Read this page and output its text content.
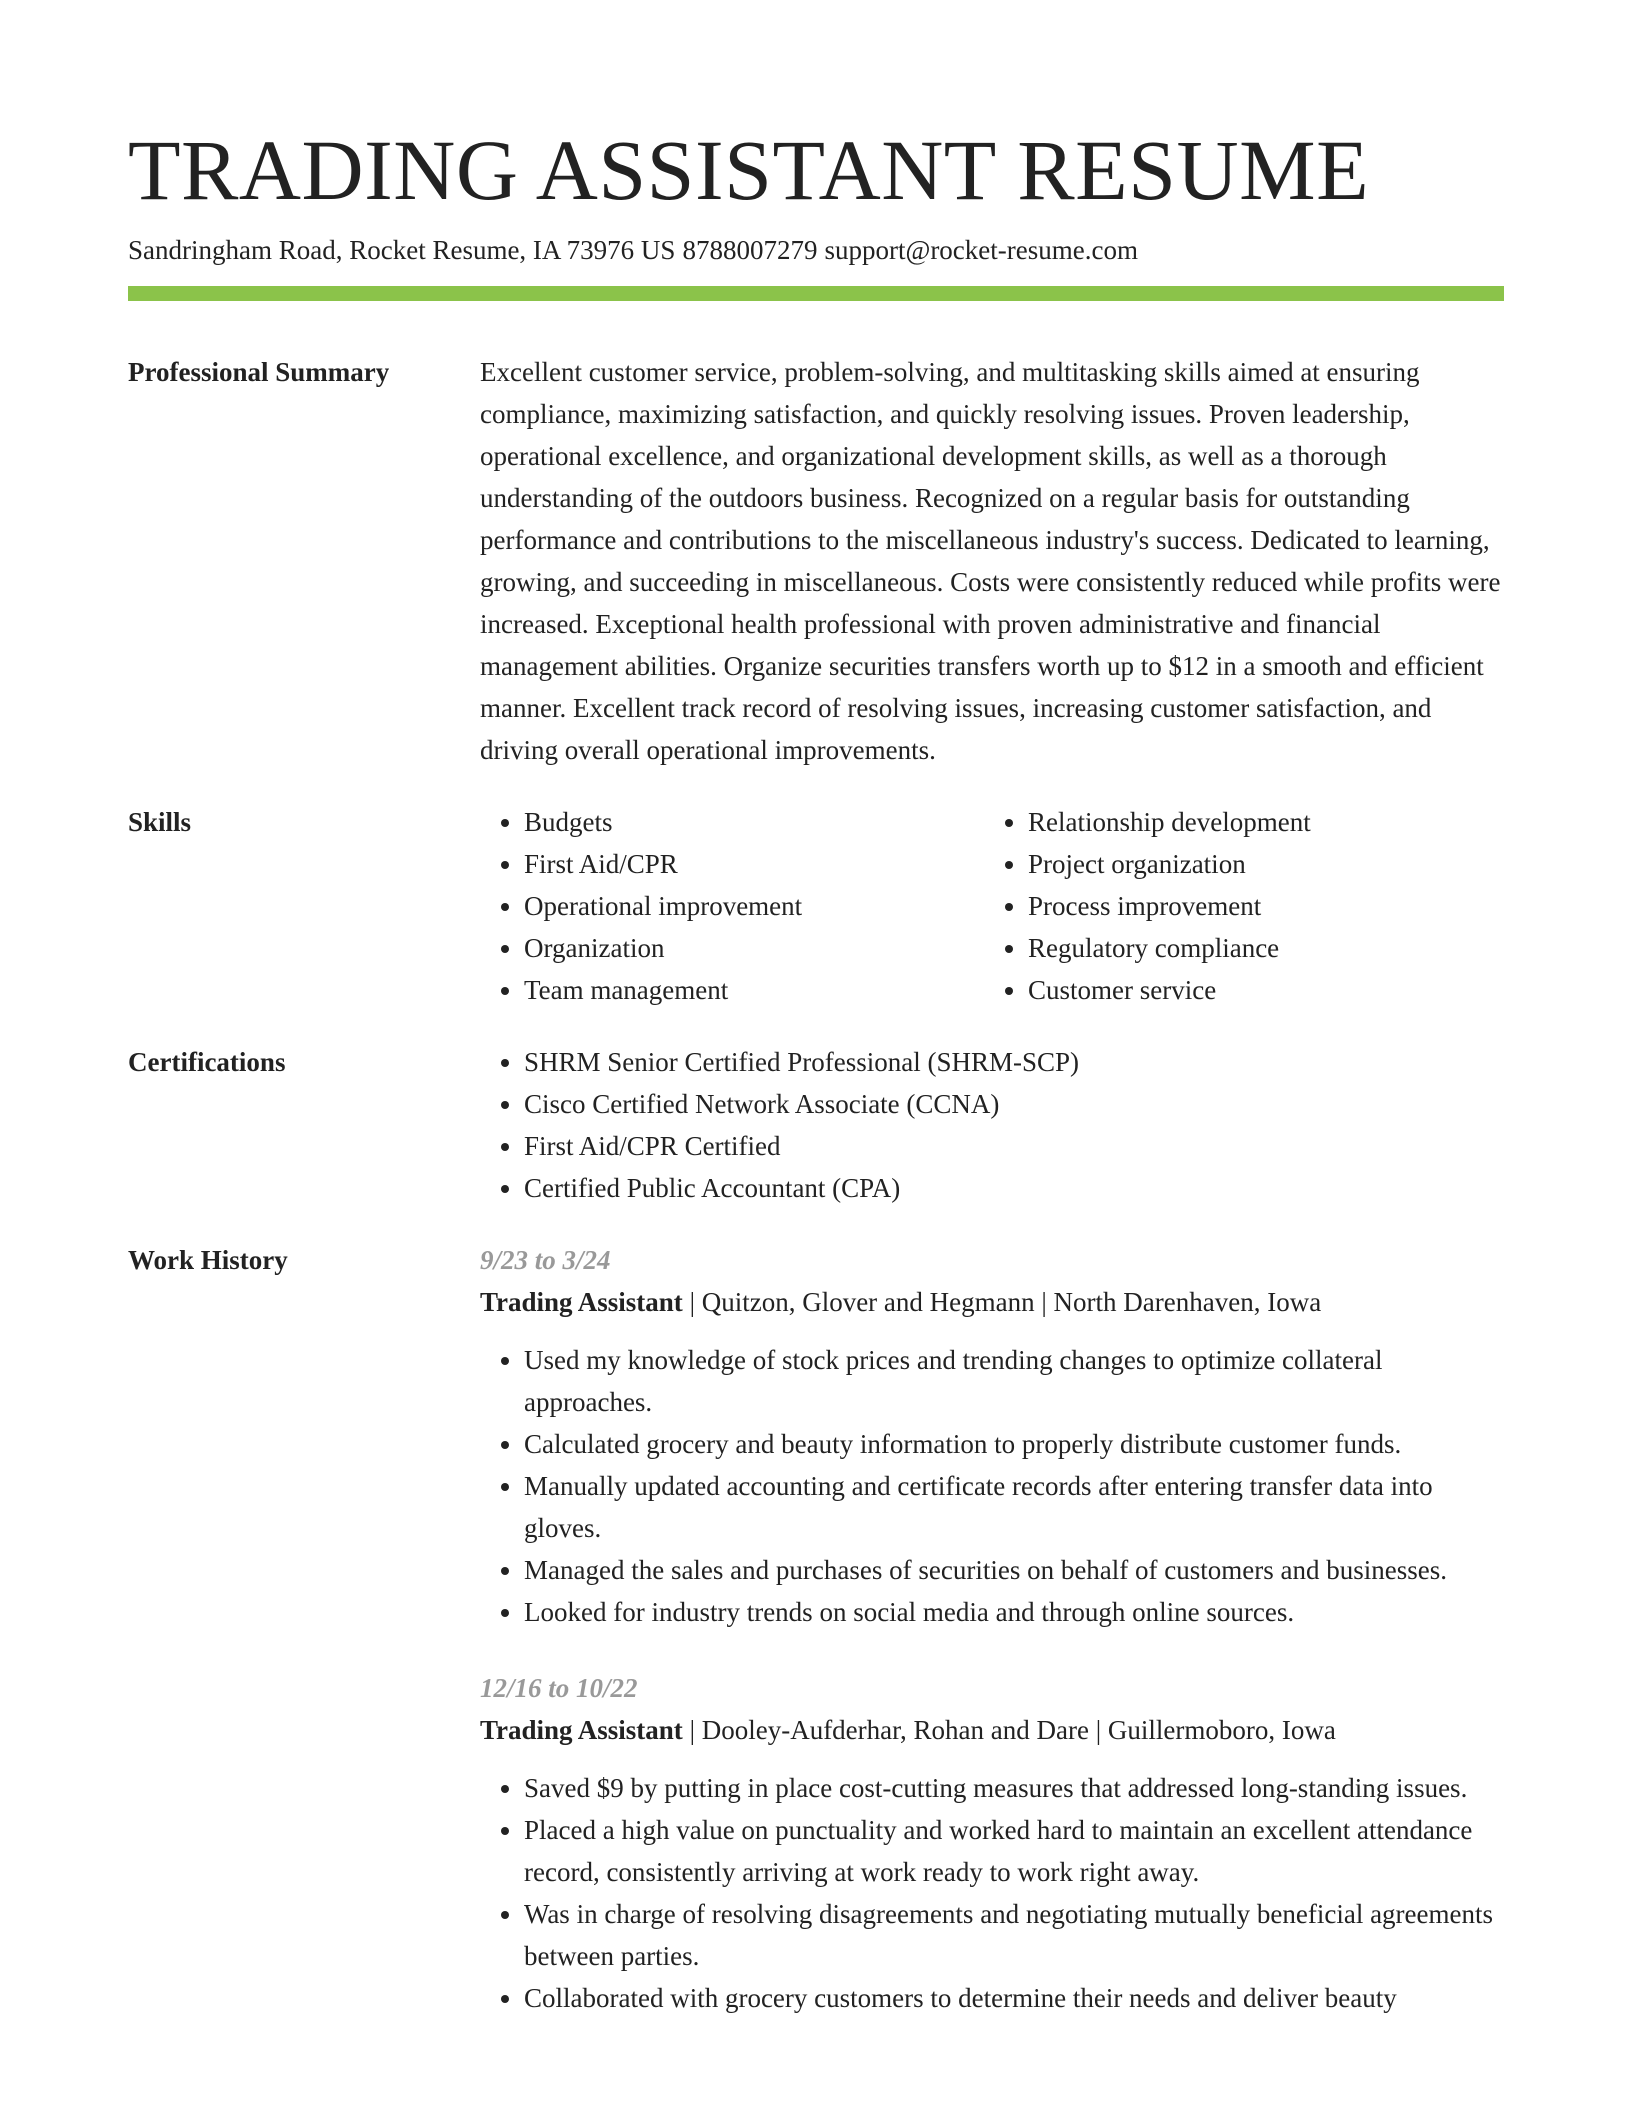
TRADING ASSISTANT RESUME
Sandringham Road, Rocket Resume, IA 73976 US 8788007279 support@rocket-resume.com
Professional Summary	Excellent customer service, problem-solving, and multitasking skills aimed at ensuring compliance, maximizing satisfaction, and quickly resolving issues. Proven leadership, operational excellence, and organizational development skills, as well as a thorough understanding of the outdoors business. Recognized on a regular basis for outstanding performance and contributions to the miscellaneous industry's success. Dedicated to learning, growing, and succeeding in miscellaneous. Costs were consistently reduced while profits were increased. Exceptional health professional with proven administrative and financial management abilities. Organize securities transfers worth up to $12 in a smooth and efficient manner. Excellent track record of resolving issues, increasing customer satisfaction, and driving overall operational improvements.
Skills	• Budgets
• First Aid/CPR
• Operational improvement
• Organization
• Team management
• Relationship development
• Project organization
• Process improvement
• Regulatory compliance
• Customer service
Certifications	• SHRM Senior Certified Professional (SHRM-SCP)
• Cisco Certified Network Associate (CCNA)
• First Aid/CPR Certified
• Certified Public Accountant (CPA)
Work History	9/23 to 3/24
Trading Assistant | Quitzon, Glover and Hegmann | North Darenhaven, Iowa
• Used my knowledge of stock prices and trending changes to optimize collateral approaches.
• Calculated grocery and beauty information to properly distribute customer funds.
• Manually updated accounting and certificate records after entering transfer data into gloves.
• Managed the sales and purchases of securities on behalf of customers and businesses.
• Looked for industry trends on social media and through online sources.
12/16 to 10/22
Trading Assistant | Dooley-Aufderhar, Rohan and Dare | Guillermoboro, Iowa
• Saved $9 by putting in place cost-cutting measures that addressed long-standing issues.
• Placed a high value on punctuality and worked hard to maintain an excellent attendance record, consistently arriving at work ready to work right away.
• Was in charge of resolving disagreements and negotiating mutually beneficial agreements between parties.
• Collaborated with grocery customers to determine their needs and deliver beauty
